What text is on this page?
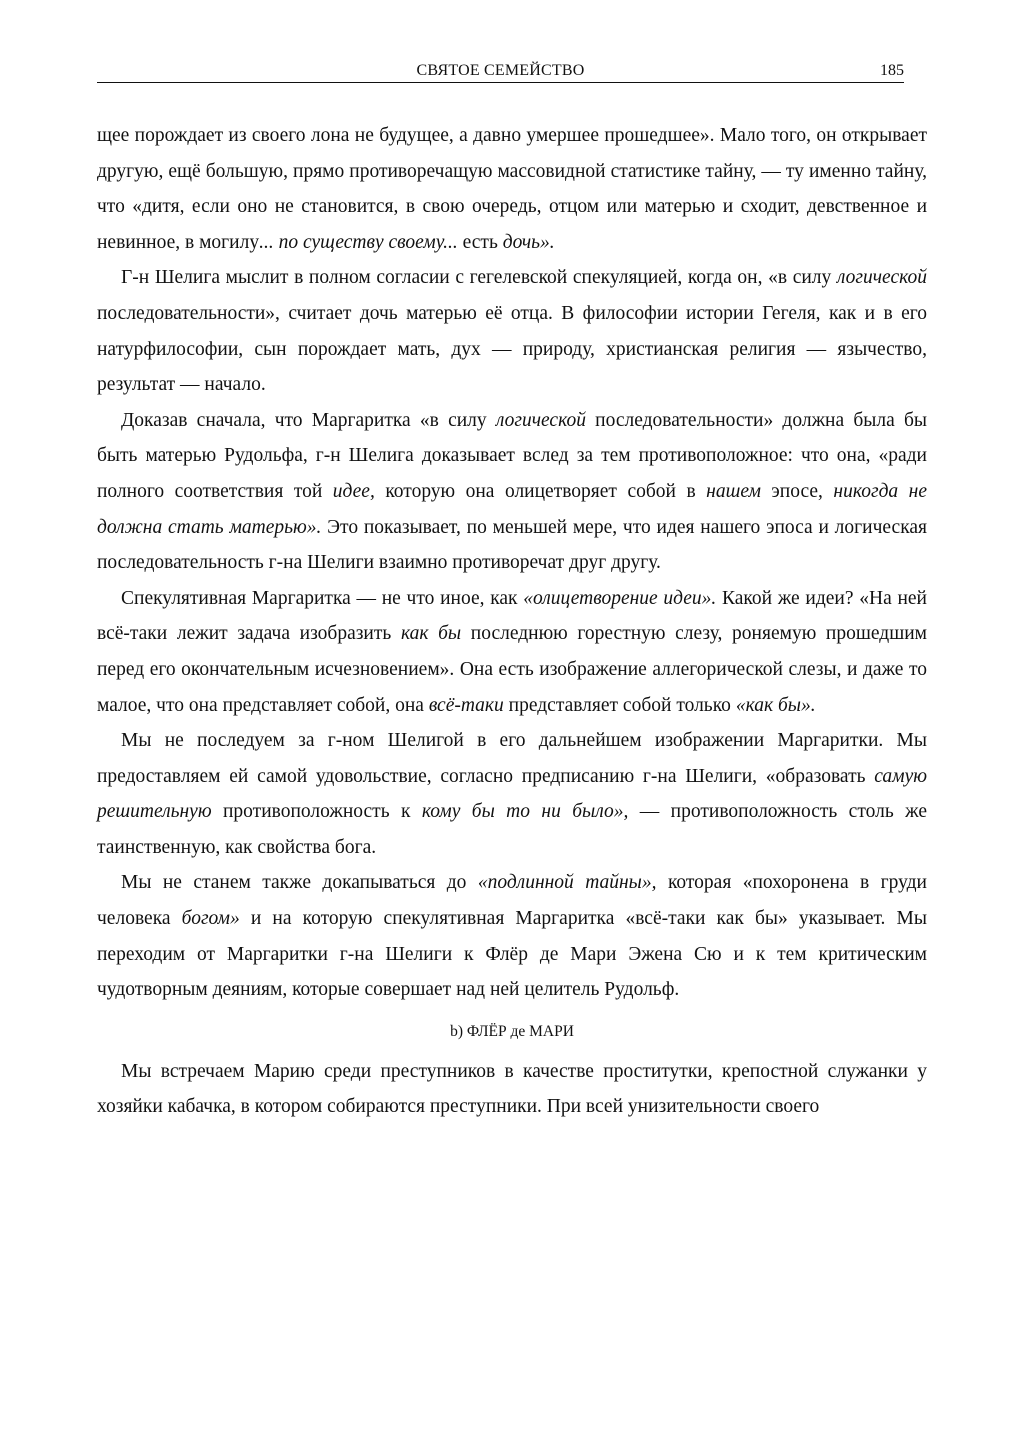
СВЯТОЕ СЕМЕЙСТВО	185

щее порождает из своего лона не будущее, а давно умершее прошедшее». Мало того, он открывает другую, ещё большую, прямо противоречащую массовидной статистике тайну, — ту именно тайну, что «дитя, если оно не становится, в свою очередь, отцом или матерью и сходит, девственное и невинное, в могилу... по существу своему... есть дочь».

Г-н Шелига мыслит в полном согласии с гегелевской спекуляцией, когда он, «в силу логической последовательности», считает дочь матерью её отца. В философии истории Гегеля, как и в его натурфилософии, сын порождает мать, дух — природу, христианская религия — язычество, результат — начало.

Доказав сначала, что Маргаритка «в силу логической последовательности» должна была бы быть матерью Рудольфа, г-н Шелига доказывает вслед за тем противоположное: что она, «ради полного соответствия той идее, которую она олицетворяет собой в нашем эпосе, никогда не должна стать матерью». Это показывает, по меньшей мере, что идея нашего эпоса и логическая последовательность г-на Шелиги взаимно противоречат друг другу.

Спекулятивная Маргаритка — не что иное, как «олицетворение идеи». Какой же идеи? «На ней всё-таки лежит задача изобразить как бы последнюю горестную слезу, роняемую прошедшим перед его окончательным исчезновением». Она есть изображение аллегорической слезы, и даже то малое, что она представляет собой, она всё-таки представляет собой только «как бы».

Мы не последуем за г-ном Шелигой в его дальнейшем изображении Маргаритки. Мы предоставляем ей самой удовольствие, согласно предписанию г-на Шелиги, «образовать самую решительную противоположность к кому бы то ни было», — противоположность столь же таинственную, как свойства бога.

Мы не станем также докапываться до «подлинной тайны», которая «похоронена в груди человека богом» и на которую спекулятивная Маргаритка «всё-таки как бы» указывает. Мы переходим от Маргаритки г-на Шелиги к Флёр де Мари Эжена Сю и к тем критическим чудотворным деяниям, которые совершает над ней целитель Рудольф.

b) ФЛЁР де МАРИ

Мы встречаем Марию среди преступников в качестве проститутки, крепостной служанки у хозяйки кабачка, в котором собираются преступники. При всей унизительности своего
